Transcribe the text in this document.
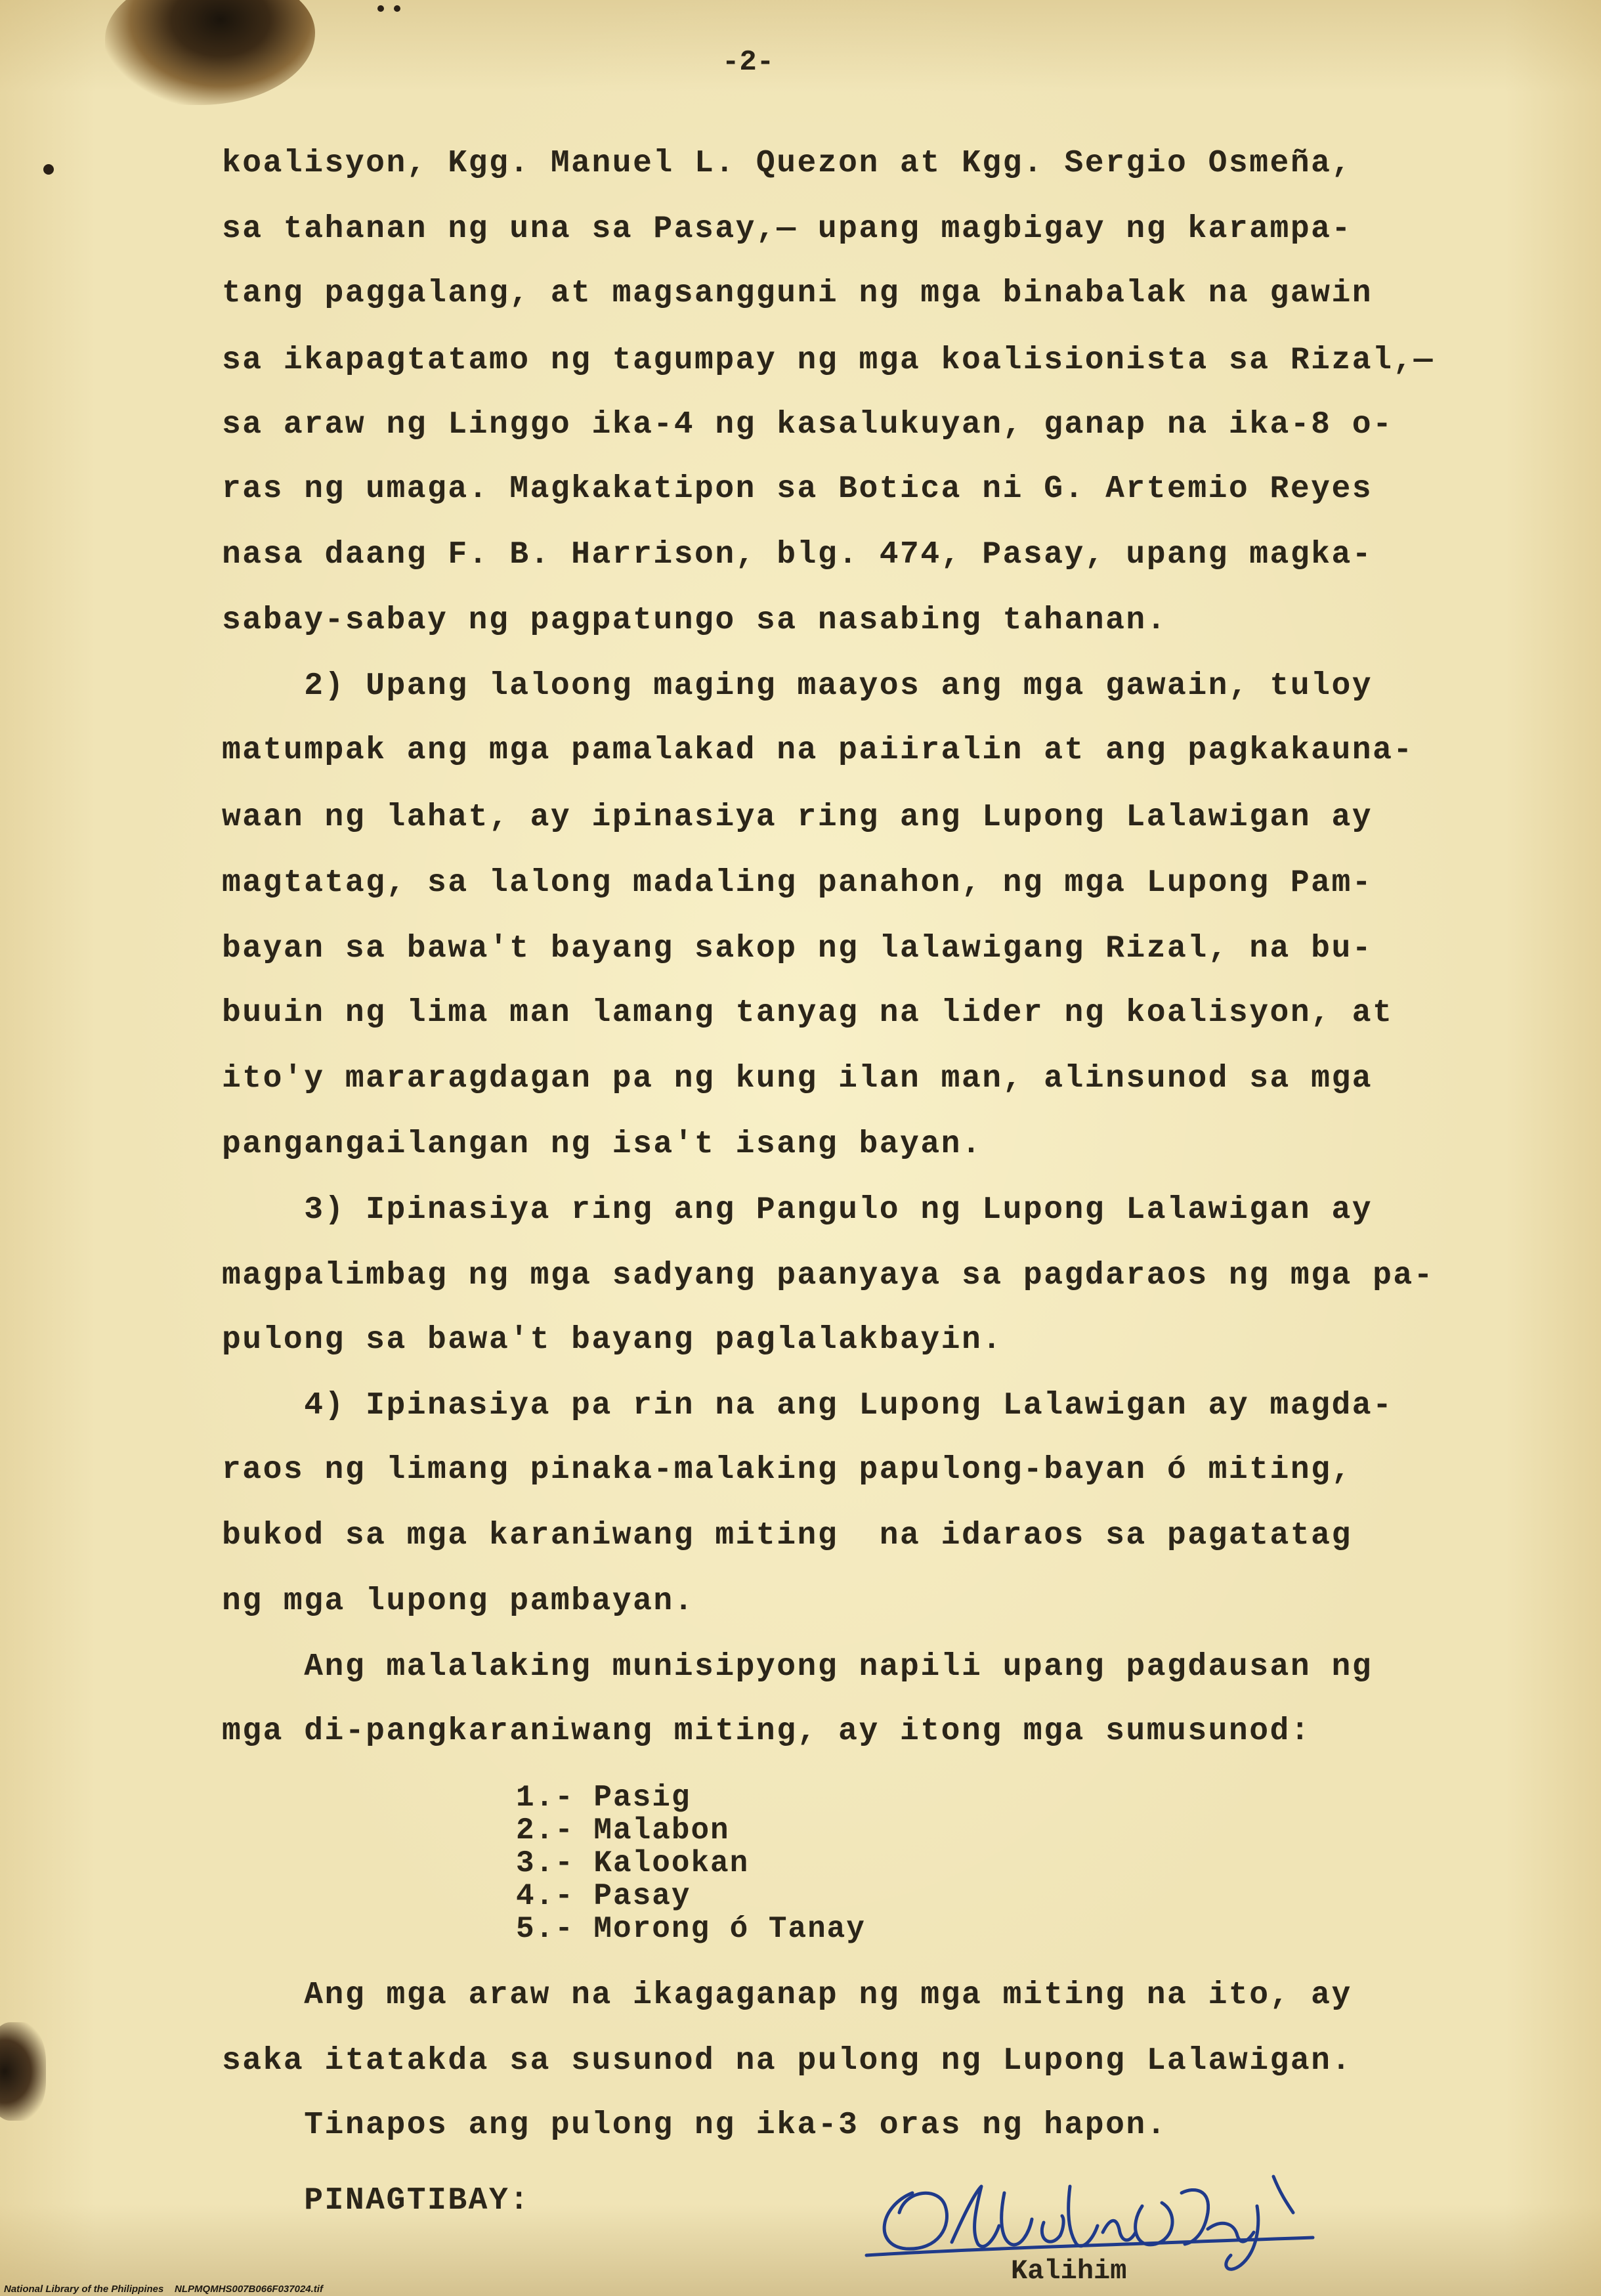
-2-
koalisyon, Kgg. Manuel L. Quezon at Kgg. Sergio Osmeña,
sa tahanan ng una sa Pasay,— upang magbigay ng karampa-
tang paggalang, at magsangguni ng mga binabalak na gawin
sa ikapagtatamo ng tagumpay ng mga koalisionista sa Rizal,—
sa araw ng Linggo ika-4 ng kasalukuyan, ganap na ika-8 o-
ras ng umaga. Magkakatipon sa Botica ni G. Artemio Reyes
nasa daang F. B. Harrison, blg. 474, Pasay, upang magka-
sabay-sabay ng pagpatungo sa nasabing tahanan.
2) Upang laloong maging maayos ang mga gawain, tuloy
matumpak ang mga pamalakad na paiiralin at ang pagkakauna-
waan ng lahat, ay ipinasiya ring ang Lupong Lalawigan ay
magtatag, sa lalong madaling panahon, ng mga Lupong Pam-
bayan sa bawa't bayang sakop ng lalawigang Rizal, na bu-
buuin ng lima man lamang tanyag na lider ng koalisyon, at
ito'y mararagdagan pa ng kung ilan man, alinsunod sa mga
pangangailangan ng isa't isang bayan.
3) Ipinasiya ring ang Pangulo ng Lupong Lalawigan ay
magpalimbag ng mga sadyang paanyaya sa pagdaraos ng mga pa-
pulong sa bawa't bayang paglalakbayin.
4) Ipinasiya pa rin na ang Lupong Lalawigan ay magda-
raos ng limang pinaka-malaking papulong-bayan ó miting,
bukod sa mga karaniwang miting  na idaraos sa pagatatag
ng mga lupong pambayan.
Ang malalaking munisipyong napili upang pagdausan ng
mga di-pangkaraniwang miting, ay itong mga sumusunod:
1.- Pasig
2.- Malabon
3.- Kalookan
4.- Pasay
5.- Morong ó Tanay
Ang mga araw na ikagaganap ng mga miting na ito, ay
saka itatakda sa susunod na pulong ng Lupong Lalawigan.
Tinapos ang pulong ng ika-3 oras ng hapon.
PINAGTIBAY:
Kalihim
National Library of the Philippines    NLPMQMHS007B066F037024.tif
